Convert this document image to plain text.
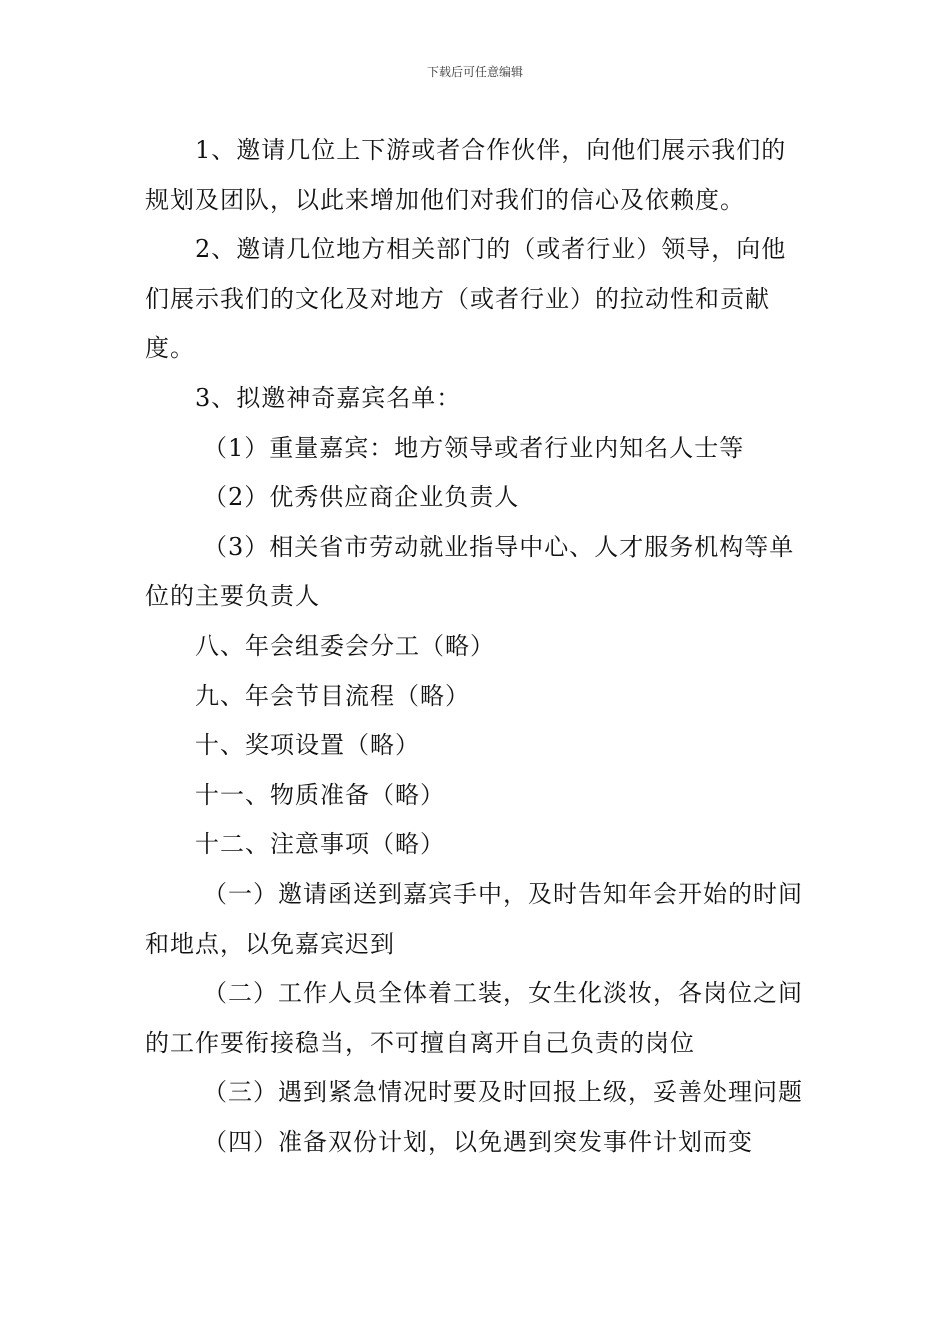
下载后可任意编辑

1、邀请几位上下游或者合作伙伴，向他们展示我们的规划及团队，以此来增加他们对我们的信心及依赖度。

2、邀请几位地方相关部门的（或者行业）领导，向他们展示我们的文化及对地方（或者行业）的拉动性和贡献度。

3、拟邀神奇嘉宾名单：

（1）重量嘉宾：地方领导或者行业内知名人士等

（2）优秀供应商企业负责人

（3）相关省市劳动就业指导中心、人才服务机构等单位的主要负责人

八、年会组委会分工（略）

九、年会节目流程（略）

十、奖项设置（略）

十一、物质准备（略）

十二、注意事项（略）

（一）邀请函送到嘉宾手中，及时告知年会开始的时间和地点，以免嘉宾迟到

（二）工作人员全体着工装，女生化淡妆，各岗位之间的工作要衔接稳当，不可擅自离开自己负责的岗位

（三）遇到紧急情况时要及时回报上级，妥善处理问题

（四）准备双份计划，以免遇到突发事件计划而变
